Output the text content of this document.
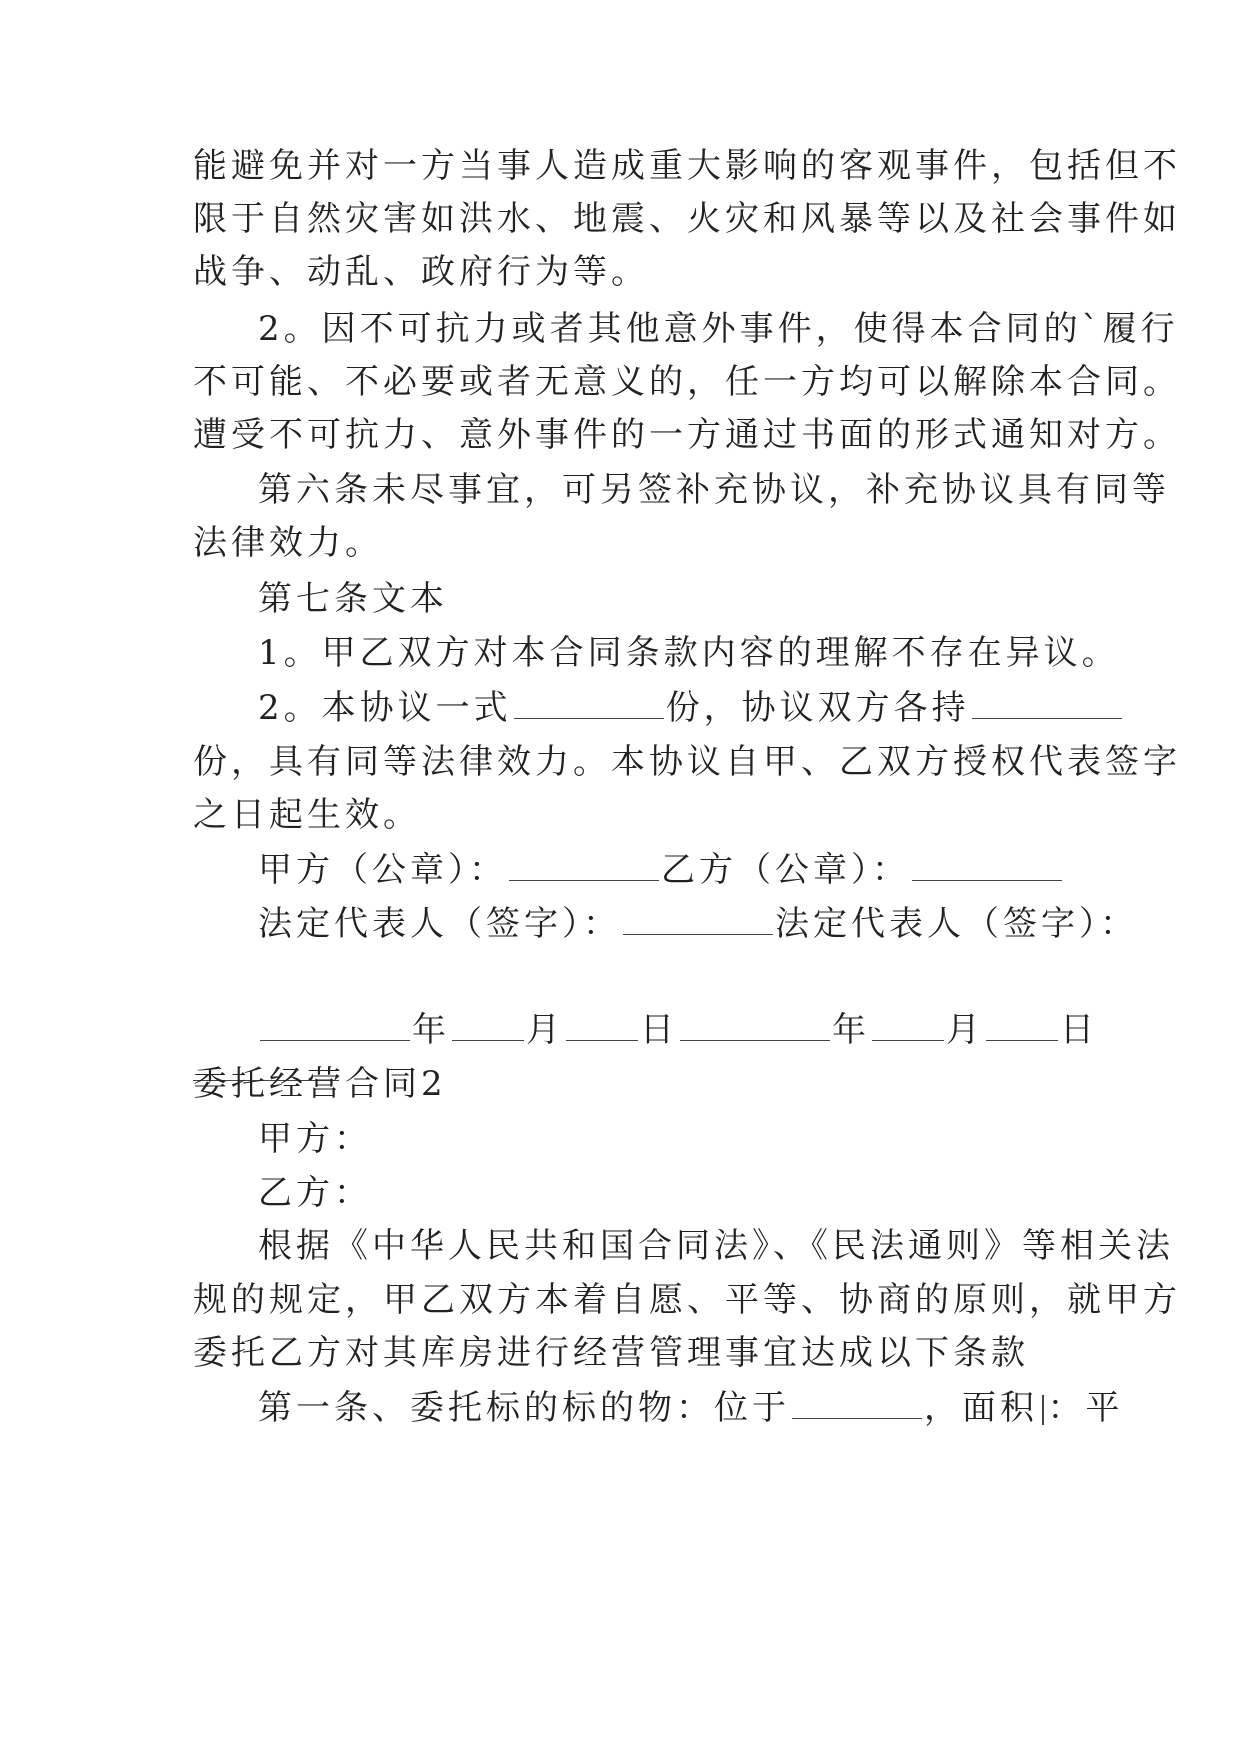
能避免并对一方当事人造成重大影响的客观事件，包括但不
限于自然灾害如洪水、地震、火灾和风暴等以及社会事件如
战争、动乱、政府行为等。
2。因不可抗力或者其他意外事件，使得本合同的`履行
不可能、不必要或者无意义的，任一方均可以解除本合同。
遭受不可抗力、意外事件的一方通过书面的形式通知对方。
第六条未尽事宜，可另签补充协议，补充协议具有同等
法律效力。
第七条文本
1。甲乙双方对本合同条款内容的理解不存在异议。
2。本协议一式	份，协议双方各持
份，具有同等法律效力。本协议自甲、乙双方授权代表签字
之日起生效。
甲方（公章）：	乙方（公章）：
法定代表人（签字）：	法定代表人（签字）：
年 月 日	年 月 日
委托经营合同2
甲方：
乙方：
根据《中华人民共和国合同法》、《民法通则》等相关法
规的规定，甲乙双方本着自愿、平等、协商的原则，就甲方
委托乙方对其库房进行经营管理事宜达成以下条款
第一条、委托标的标的物：位于	，面积 ：平
